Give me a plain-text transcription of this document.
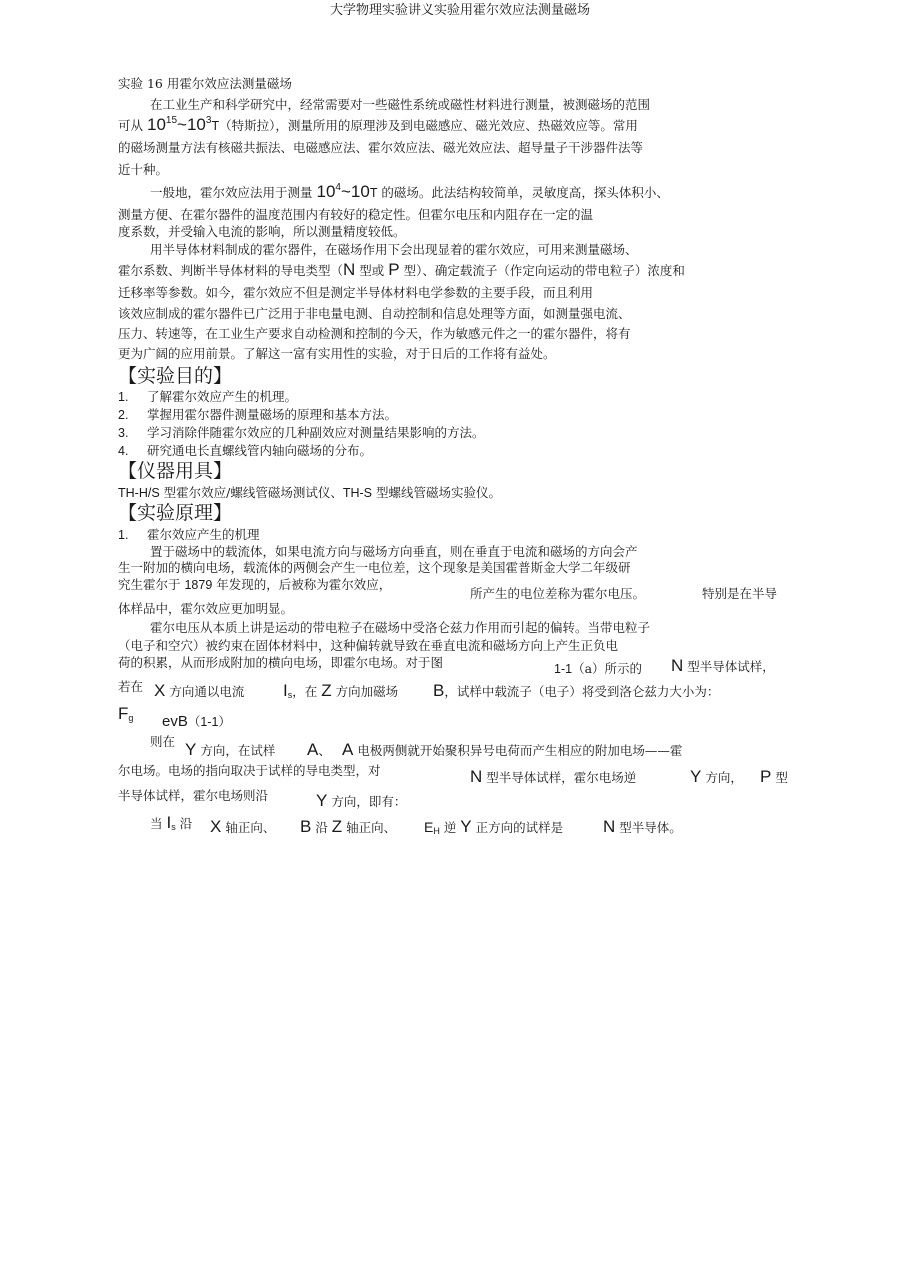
大学物理实验讲义实验用霍尔效应法测量磁场
实验 16 用霍尔效应法测量磁场
在工业生产和科学研究中，经常需要对一些磁性系统或磁性材料进行测量，被测磁场的范围
可从 $10^{15}\sim 10^3T$（特斯拉），测量所用的原理涉及到电磁感应、磁光效应、热磁效应等。常用
的磁场测量方法有核磁共振法、电磁感应法、霍尔效应法、磁光效应法、超导量子干涉器件法等
近十种。
一般地，霍尔效应法用于测量 $10^4\sim 10T$ 的磁场。此法结构较简单，灵敏度高，探头体积小、
测量方便、在霍尔器件的温度范围内有较好的稳定性。但霍尔电压和内阻存在一定的温
度系数，并受输入电流的影响，所以测量精度较低。
用半导体材料制成的霍尔器件，在磁场作用下会出现显着的霍尔效应，可用来测量磁场、
霍尔系数、判断半导体材料的导电类型（N 型或 P 型）、确定载流子（作定向运动的带电粒子）浓度和
迁移率等参数。如今，霍尔效应不但是测定半导体材料电学参数的主要手段，而且利用
该效应制成的霍尔器件已广泛用于非电量电测、自动控制和信息处理等方面，如测量强电流、
压力、转速等，在工业生产要求自动检测和控制的今天，作为敏感元件之一的霍尔器件，将有
更为广阔的应用前景。了解这一富有实用性的实验，对于日后的工作将有益处。
【实验目的】
1. 了解霍尔效应产生的机理。
2. 掌握用霍尔器件测量磁场的原理和基本方法。
3. 学习消除伴随霍尔效应的几种副效应对测量结果影响的方法。
4. 研究通电长直螺线管内轴向磁场的分布。
【仪器用具】
TH-H/S 型霍尔效应/螺线管磁场测试仪、TH-S 型螺线管磁场实验仪。
【实验原理】
1. 霍尔效应产生的机理
置于磁场中的载流体，如果电流方向与磁场方向垂直，则在垂直于电流和磁场的方向会产
生一附加的横向电场，载流体的两侧会产生一电位差，这个现象是美国霍普斯金大学二年级研
究生霍尔于 1879 年发现的，后被称为霍尔效应，
所产生的电位差称为霍尔电压。	特别是在半导
体样品中，霍尔效应更加明显。
霍尔电压从本质上讲是运动的带电粒子在磁场中受洛仑兹力作用而引起的偏转。当带电粒子
（电子和空穴）被约束在固体材料中，这种偏转就导致在垂直电流和磁场方向上产生正负电
荷的积累，从而形成附加的横向电场，即霍尔电场。对于图	1-1（a）所示的 N 型半导体试样，
若在 X 方向通以电流 $I_s$，在 Z 方向加磁场 B，试样中载流子（电子）将受到洛仑兹力大小为：
$F_g$ evB（1-1）
则在 Y 方向，在试样 A、 A 电极两侧就开始聚积异号电荷而产生相应的附加电场——霍
尔电场。电场的指向取决于试样的导电类型，对	N 型半导体试样，霍尔电场逆	Y 方向， P 型
半导体试样，霍尔电场则沿	Y 方向，即有：
当 $I_s$ 沿 X 轴正向、 B 沿 Z 轴正向、 $E_H$ 逆 Y 正方向的试样是 N 型半导体。
